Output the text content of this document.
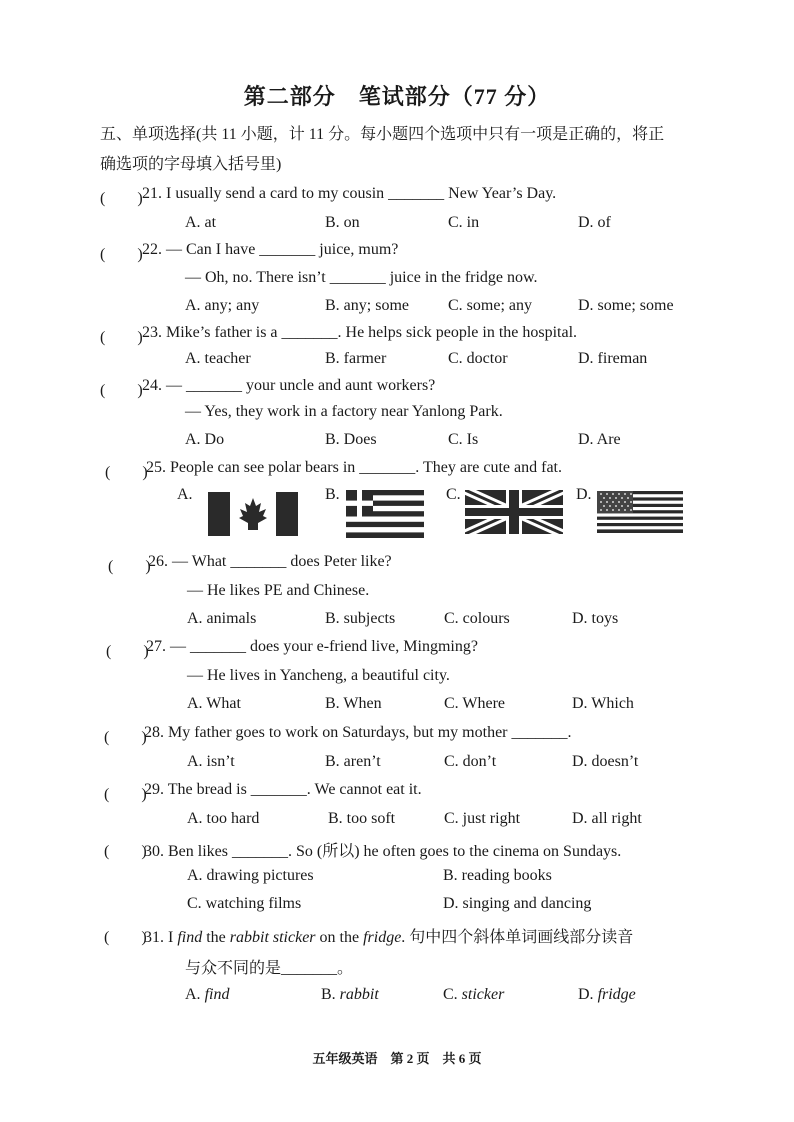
第二部分　笔试部分（77 分）
五、单项选择(共 11 小题，计 11 分。每小题四个选项中只有一项是正确的，将正
确选项的字母填入括号里)
(　　) 21. I usually send a card to my cousin _______ New Year’s Day.
A. at	B. on	C. in	D. of
(　　) 22. — Can I have _______ juice, mum?
— Oh, no. There isn’t _______ juice in the fridge now.
A. any; any	B. any; some C. some; any	D. some; some
(　　) 23. Mike’s father is a _______. He helps sick people in the hospital.
A. teacher	B. farmer	C. doctor	D. fireman
(　　) 24. — _______ your uncle and aunt workers?
— Yes, they work in a factory near Yanlong Park.
A. Do	B. Does	C. Is	D. Are
(　　)
25. People can see polar bears in _______. They are cute and fat.
A.	B.	C.	D.
(　　)
26. — What _______ does Peter like?
— He likes PE and Chinese.
A. animals	B. subjects	C. colours	D. toys
(　　)
27. — _______ does your e-friend live, Mingming?
— He lives in Yancheng, a beautiful city.
A. What	B. When	C. Where	D. Which
(　　)
28. My father goes to work on Saturdays, but my mother _______.
A. isn’t	B. aren’t	C. don’t	D. doesn’t
(　　)
29. The bread is _______. We cannot eat it.
A. too hard	B. too soft	C. just right	D. all right
(　　)
30. Ben likes _______. So (所以) he often goes to the cinema on Sundays.
A. drawing pictures	B. reading books
C. watching films	D. singing and dancing
(　　)
31. I find the rabbit sticker on the fridge. 句中四个斜体单词画线部分读音
与众不同的是_______。
A. find	B. rabbit	C. sticker	D. fridge
五年级英语　第 2 页　共 6 页
